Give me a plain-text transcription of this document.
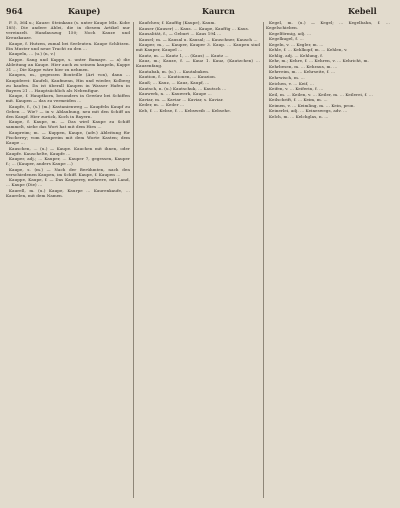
964	Kaupe)	Kaurcn	Kebell

F. 5, 364 u.; Kauze: Steinkauz (s. unter Kaupe Mlz. Kobe 185). Die andere Ablei, die in diesem Artikel nur vereinzelt. Handauszug 150; Noch Kauze und Kreuzkauze.

Kaupe, f. Hutzen, zumal bei Seeleuten. Kaupe Schlitzen. Ein Muster und neue Tracht zu den ...

Kaupeln, ... (u.) (n, v.)

Kappe. Sang und Kappe, s. unter Bamaye. — a) die Ableitung an Kaupe. Hier auch zu seinem kaupeln, Kappe 31 ...; Die Kappe wäre hier zu nehmen.

Kaupen, m., gegessen Bouteille (Art von), dann ... Kaupiderei: Kaufeli, Kaufmenn, Hin und wieder, Kolberg zu kaufen. Da ist überall Kaupen in Wasser Hafen in Bayern 21 ... Hauptsächlich als Nebenfigur.

Kaupe, f. Hauptkorn, besonders in Gewürz bei Schiffen mit. Kaupen — das zu vermeiden ...

Kaupfe, f., (s.) (m.) Kastanienweg — Kaupfeln Kaupf zu Geben ... Wie? — in v. Ablaubung, neu mit den Schiff an den Kaupf. Hier zurück, Koch in Bayern.

Kaupe, f. Kaupe, m. — Das wird Kaupe zu Schiff sammelt, siehe das Wort hat mit dem Hirn ...

Kaupreim; m. — Kuppen, Kaupe, (adv.) Ableitung für Fischerey; vom Kaupreim mit dem Worte Kasten; dem Kaupe ...

Kauschen, ... (u.) — Kaupe. Kauchen mit ihnen, oder Kaupfe. Kauschelte, Kaupfe ...

Kauper, adj.; ... Kauper, ... Kauper 7, gegessen, Kauper f.; ... (Kauper, anders Kaupe ...)

Kaupe, s. (m.) — Nach der Berühmten, nach den verschiedenen Kaupen, im Schiff. Kaupe, f. Kaupen ...

Kauppe, Kaupe, f. — Das Kauperey, mehrere, mit Land, ... Kaupe (Die) ...

Kaurell, m. (u.) Kaupe, Kaurpe ... Kaurenkaufe, ... Kaurelen, mit dem Namen.

Kaufchen; f. Kauffig (Kaupe), Kaum.

Kauser (Kauser) ... Kaus. ... Kaupe, Kauffig ... Kaus.

Kausalität, f., — Geburt ... Kaus 194 ...

Kausel; m. — Kausal u. Kausal; ... Kauschner, Kausch ...

Kauper, m., — Kauper, Kauper 3. Kaup. ... Kaupen sind mit Kauper, Kaupel ...

Kautz, m. — Kautz 1, ... (Kaus) ... Kautz ...

Kauz, m.; Kauze, f. — Kauz 1. Kauz, (Kautzchen) ... Kauzenfang.

Kautabak, m. (u.) ... Kautabaken.

Kaution, f. ... Kautionen, ... Kauzion.

Kauß; ... Kauz, ... Kauz, Kaupf, ...

Kautsch, n. (u.) Kautschuk, ... Kautsch ...

Kauwerk, n. ... Kauwerk, Kaupe ...

Kaviar, m. — Kaviar ... Kaviar, s. Kaviar.

Keder, m. ... Keder ...

Keb, f. ... Kebse, f. ... Kebsweib ... Kebsehe.

Kegel, m. (u.) — Kegel; ... Kegelbahn, f. ... Kegelschieben.

Kegelförmig, adj. ...

Kegelkugel, f. ...

Kegeln, v. ... Kegler, m. ...

Kehle, f. ... Kehlkopf, m. ... Kehlen, v.

Kehlig, adj. ... Kehlung, f.

Kehr, m.; Kehre, f. ... Kehren, v. ... Kehricht, m.

Kehrbesen, m. ... Kehraus, m. ...

Kehrreim, m. ... Kehrseite, f. ...

Kehrwisch, m. ...

Keichen, v. ... Keif, ...

Keifen, v. ... Keiferin, f. ...

Keil, m. ... Keilen, v. ... Keiler, m. ... Keilerei, f. ...

Keilschrift, f. ... Keim, m. ...

Keimen, v. ... Keimling, m. ... Kein, pron.

Keinerlei, adj. ... Keineswegs, adv. ...

Kelch, m. ... Kelchglas, n. ...
